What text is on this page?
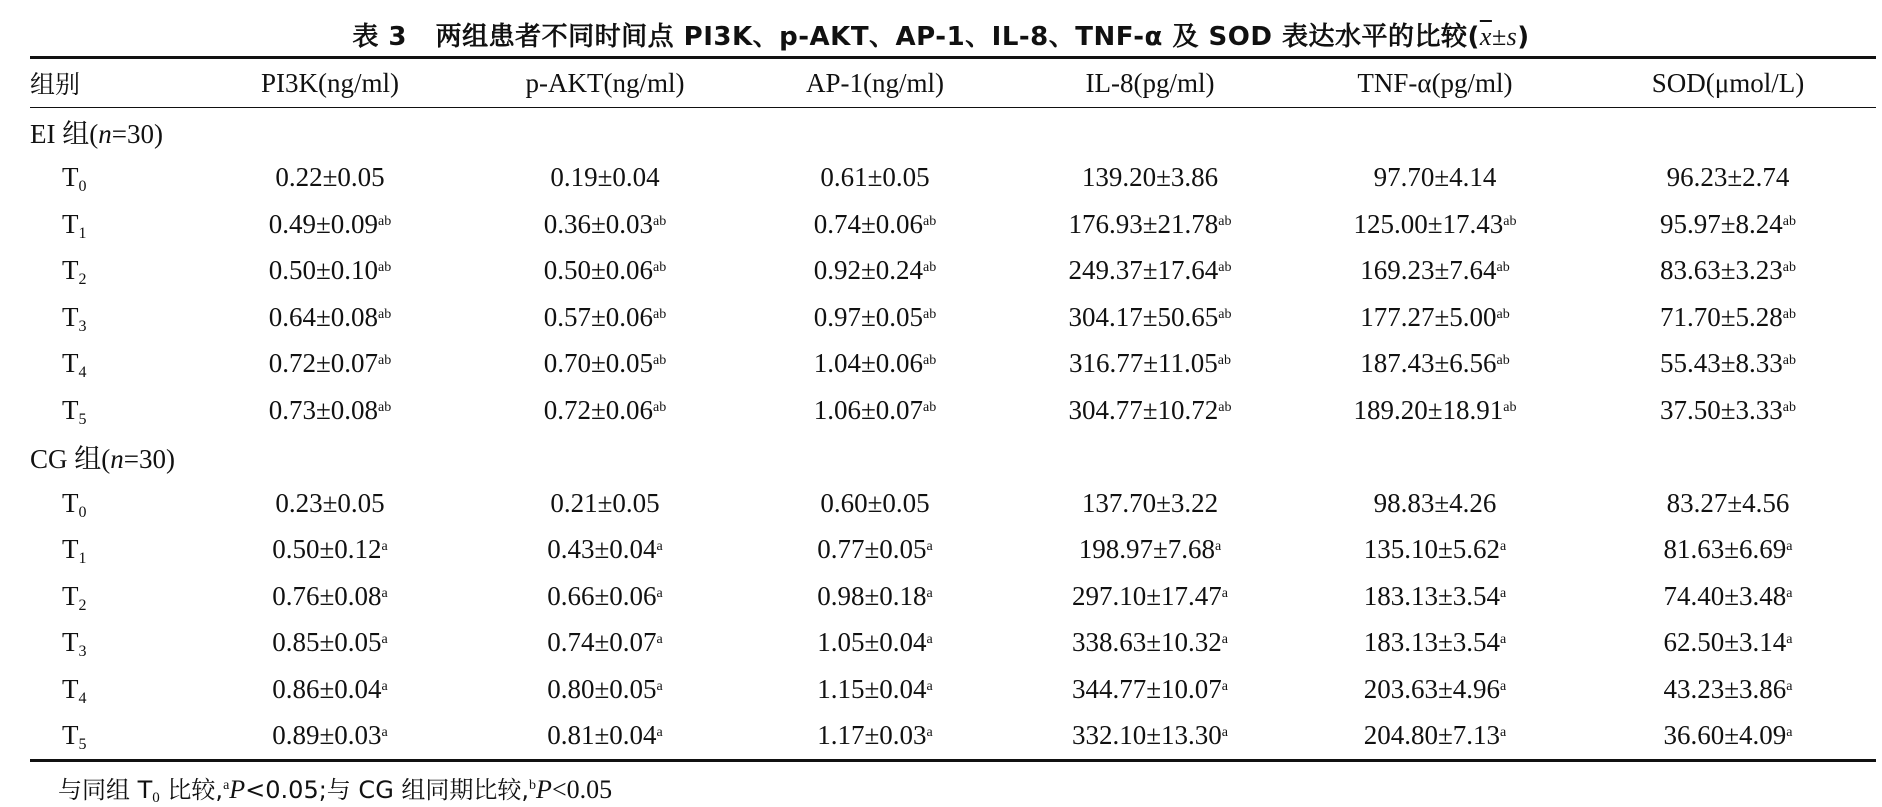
表 3 两组患者不同时间点 PI3K、p-AKT、AP-1、IL-8、TNF-α 及 SOD 表达水平的比较$(\overline{x}\pm s)$
组别	PI3K(ng/ml)	p-AKT(ng/ml)	AP-1(ng/ml)	IL-8(pg/ml)	TNF-α(pg/ml)	SOD(μmol/L)
EI 组(n=30)						
$T_0$	0.22±0.05	0.19±0.04	0.61±0.05	139.20±3.86	97.70±4.14	96.23±2.74
$T_1$	0.49±0.09$^{ab}$	0.36±0.03$^{ab}$	0.74±0.06$^{ab}$	176.93±21.78$^{ab}$	125.00±17.43$^{ab}$	95.97±8.24$^{ab}$
$T_2$	0.50±0.10$^{ab}$	0.50±0.06$^{ab}$	0.92±0.24$^{ab}$	249.37±17.64$^{ab}$	169.23±7.64$^{ab}$	83.63±3.23$^{ab}$
$T_3$	0.64±0.08$^{ab}$	0.57±0.06$^{ab}$	0.97±0.05$^{ab}$	304.17±50.65$^{ab}$	177.27±5.00$^{ab}$	71.70±5.28$^{ab}$
$T_4$	0.72±0.07$^{ab}$	0.70±0.05$^{ab}$	1.04±0.06$^{ab}$	316.77±11.05$^{ab}$	187.43±6.56$^{ab}$	55.43±8.33$^{ab}$
$T_5$	0.73±0.08$^{ab}$	0.72±0.06$^{ab}$	1.06±0.07$^{ab}$	304.77±10.72$^{ab}$	189.20±18.91$^{ab}$	37.50±3.33$^{ab}$
CG 组(n=30)						
$T_0$	0.23±0.05	0.21±0.05	0.60±0.05	137.70±3.22	98.83±4.26	83.27±4.56
$T_1$	0.50±0.12$^a$	0.43±0.04$^a$	0.77±0.05$^a$	198.97±7.68$^a$	135.10±5.62$^a$	81.63±6.69$^a$
$T_2$	0.76±0.08$^a$	0.66±0.06$^a$	0.98±0.18$^a$	297.10±17.47$^a$	183.13±3.54$^a$	74.40±3.48$^a$
$T_3$	0.85±0.05$^a$	0.74±0.07$^a$	1.05±0.04$^a$	338.63±10.32$^a$	183.13±3.54$^a$	62.50±3.14$^a$
$T_4$	0.86±0.04$^a$	0.80±0.05$^a$	1.15±0.04$^a$	344.77±10.07$^a$	203.63±4.96$^a$	43.23±3.86$^a$
$T_5$	0.89±0.03$^a$	0.81±0.04$^a$	1.17±0.03$^a$	332.10±13.30$^a$	204.80±7.13$^a$	36.60±4.09$^a$
与同组 $T_0$ 比较,$^a$P<0.05;与 CG 组同期比较,$^b$P<0.05
